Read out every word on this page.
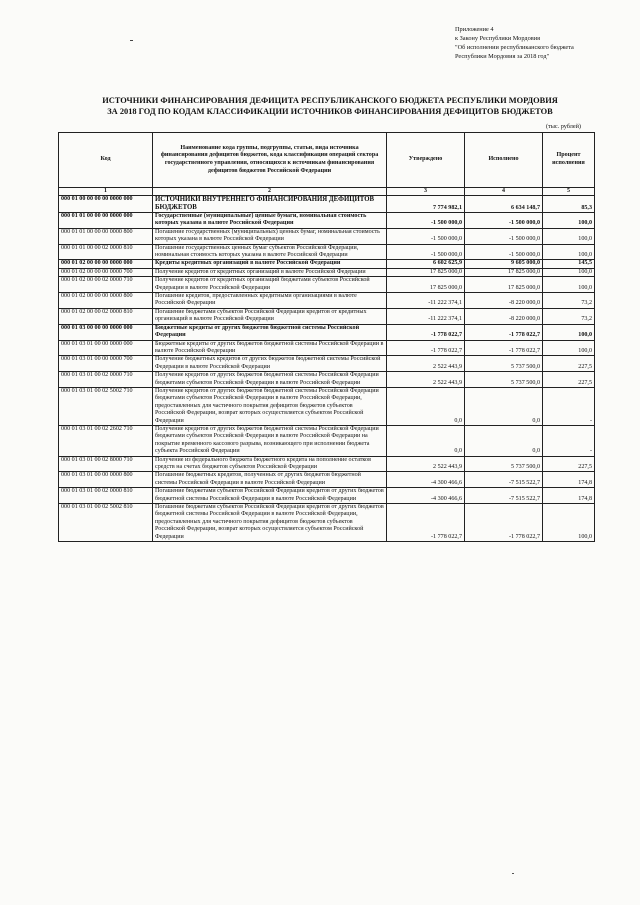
Приложение 4
к Закону Республики Мордовия
"Об исполнении республиканского бюджета
Республики Мордовия за 2018 год"
ИСТОЧНИКИ ФИНАНСИРОВАНИЯ ДЕФИЦИТА РЕСПУБЛИКАНСКОГО БЮДЖЕТА РЕСПУБЛИКИ МОРДОВИЯ
ЗА 2018 ГОД ПО КОДАМ КЛАССИФИКАЦИИ ИСТОЧНИКОВ ФИНАНСИРОВАНИЯ ДЕФИЦИТОВ БЮДЖЕТОВ
(тыс. рублей)
Код	Наименование кода группы, подгруппы, статьи, вида источника финансирования дефицитов бюджетов, кода классификации операций сектора государственного управления, относящихся к источникам финансирования дефицитов бюджетов Российской Федерации	Утверждено	Исполнено	Процент исполнения
1	2	3	4	5
000 01 00 00 00 00 0000 000	ИСТОЧНИКИ ВНУТРЕННЕГО ФИНАНСИРОВАНИЯ ДЕФИЦИТОВ БЮДЖЕТОВ	7 774 982,1	6 634 148,7	85,3
000 01 01 00 00 00 0000 000	Государственные (муниципальные) ценные бумаги, номинальная стоимость которых указана в валюте Российской Федерации	-1 500 000,0	-1 500 000,0	100,0
000 01 01 00 00 00 0000 800	Погашение государственных (муниципальных) ценных бумаг, номинальная стоимость которых указана в валюте Российской Федерации	-1 500 000,0	-1 500 000,0	100,0
000 01 01 00 00 02 0000 810	Погашение государственных ценных бумаг субъектов Российской Федерации, номинальная стоимость которых указана в валюте Российской Федерации	-1 500 000,0	-1 500 000,0	100,0
000 01 02 00 00 00 0000 000	Кредиты кредитных организаций в валюте Российской Федерации	6 602 625,9	9 605 000,0	145,5
000 01 02 00 00 00 0000 700	Получение кредитов от кредитных организаций в валюте Российской Федерации	17 825 000,0	17 825 000,0	100,0
000 01 02 00 00 02 0000 710	Получение кредитов от кредитных организаций бюджетами субъектов Российской Федерации в валюте Российской Федерации	17 825 000,0	17 825 000,0	100,0
000 01 02 00 00 00 0000 800	Погашение кредитов, предоставленных кредитными организациями в валюте Российской Федерации	-11 222 374,1	-8 220 000,0	73,2
000 01 02 00 00 02 0000 810	Погашение бюджетами субъектов Российской Федерации кредитов от кредитных организаций в валюте Российской Федерации	-11 222 374,1	-8 220 000,0	73,2
000 01 03 00 00 00 0000 000	Бюджетные кредиты от других бюджетов бюджетной системы Российской Федерации	-1 778 022,7	-1 778 022,7	100,0
000 01 03 01 00 00 0000 000	Бюджетные кредиты от других бюджетов бюджетной системы Российской Федерации в валюте Российской Федерации	-1 778 022,7	-1 778 022,7	100,0
000 01 03 01 00 00 0000 700	Получение бюджетных кредитов от других бюджетов бюджетной системы Российской Федерации в валюте Российской Федерации	2 522 443,9	5 737 500,0	227,5
000 01 03 01 00 02 0000 710	Получение кредитов от других бюджетов бюджетной системы Российской Федерации бюджетами субъектов Российской Федерации в валюте Российской Федерации	2 522 443,9	5 737 500,0	227,5
000 01 03 01 00 02 5002 710	Получение кредитов от других бюджетов бюджетной системы Российской Федерации бюджетами субъектов Российской Федерации в валюте Российской Федерации, предоставленных для частичного покрытия дефицитов бюджетов субъектов Российской Федерации, возврат которых осуществляется субъектом Российской Федерации	0,0	0,0	-
000 01 03 01 00 02 2602 710	Получение кредитов от других бюджетов бюджетной системы Российской Федерации бюджетами субъектов Российской Федерации в валюте Российской Федерации на покрытие временного кассового разрыва, возникающего при исполнении бюджета субъекта Российской Федерации	0,0	0,0	-
000 01 03 01 00 02 8000 710	Получение из федерального бюджета бюджетного кредита на пополнение остатков средств на счетах бюджетов субъектов Российской Федерации	2 522 443,9	5 737 500,0	227,5
000 01 03 01 00 00 0000 800	Погашение бюджетных кредитов, полученных от других бюджетов бюджетной системы Российской Федерации в валюте Российской Федерации	-4 300 466,6	-7 515 522,7	174,8
000 01 03 01 00 02 0000 810	Погашение бюджетами субъектов Российской Федерации кредитов от других бюджетов бюджетной системы Российской Федерации в валюте Российской Федерации	-4 300 466,6	-7 515 522,7	174,8
000 01 03 01 00 02 5002 810	Погашение бюджетами субъектов Российской Федерации кредитов от других бюджетов бюджетной системы Российской Федерации в валюте Российской Федерации, предоставленных для частичного покрытия дефицитов бюджетов субъектов Российской Федерации, возврат которых осуществляется субъектом Российской Федерации	-1 778 022,7	-1 778 022,7	100,0
